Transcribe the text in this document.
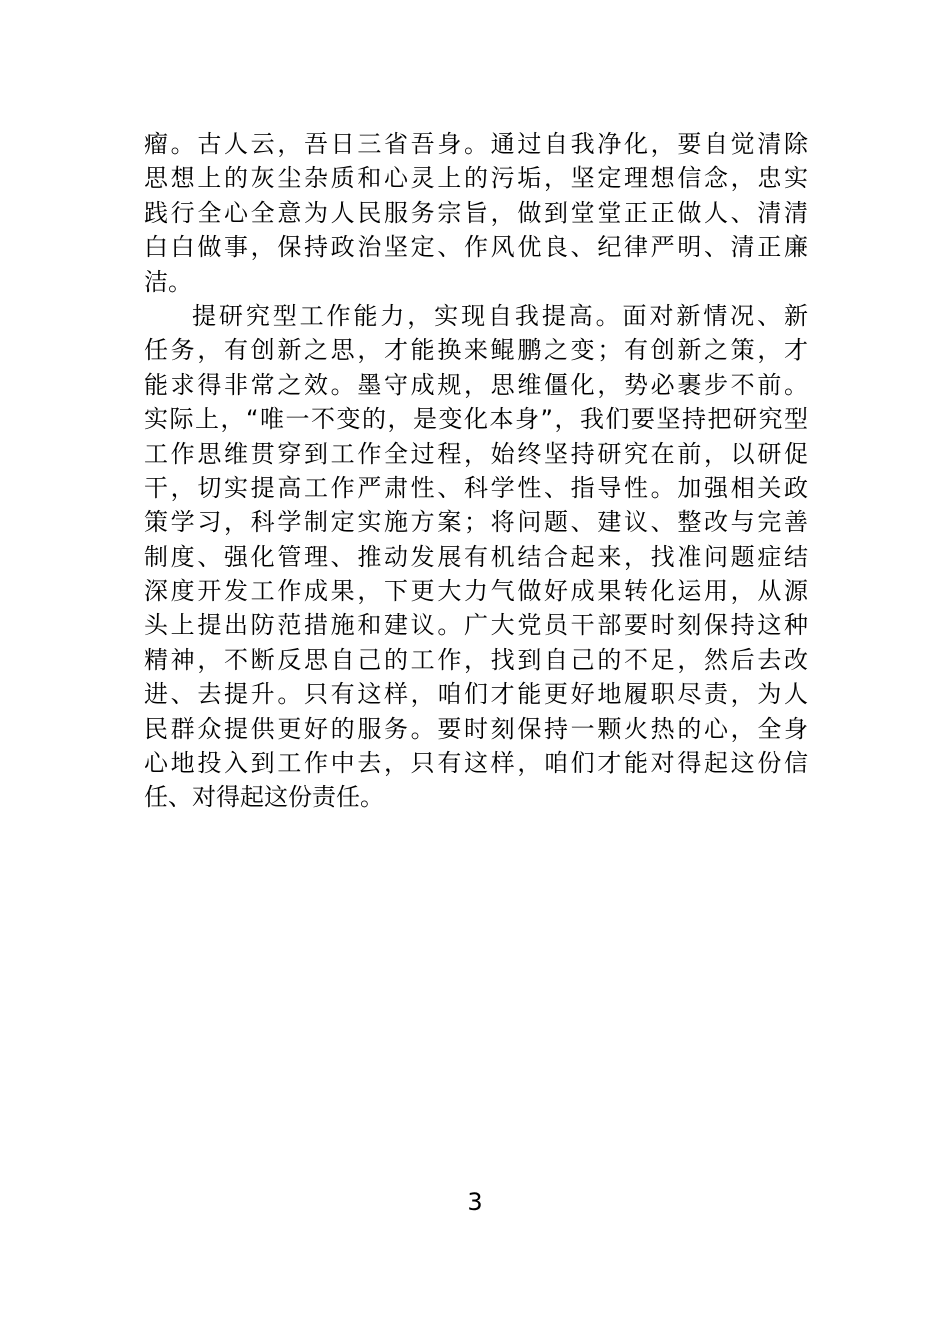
瘤。古人云，吾日三省吾身。通过自我净化，要自觉清除
思想上的灰尘杂质和心灵上的污垢，坚定理想信念，忠实
践行全心全意为人民服务宗旨，做到堂堂正正做人、清清
白白做事，保持政治坚定、作风优良、纪律严明、清正廉
洁。
提研究型工作能力，实现自我提高。面对新情况、新
任务，有创新之思，才能换来鲲鹏之变；有创新之策，才
能求得非常之效。墨守成规，思维僵化，势必裹步不前。
实际上，“唯一不变的，是变化本身”，我们要坚持把研究型
工作思维贯穿到工作全过程，始终坚持研究在前，以研促
干，切实提高工作严肃性、科学性、指导性。加强相关政
策学习，科学制定实施方案；将问题、建议、整改与完善
制度、强化管理、推动发展有机结合起来，找准问题症结
深度开发工作成果，下更大力气做好成果转化运用，从源
头上提出防范措施和建议。广大党员干部要时刻保持这种
精神，不断反思自己的工作，找到自己的不足，然后去改
进、去提升。只有这样，咱们才能更好地履职尽责，为人
民群众提供更好的服务。要时刻保持一颗火热的心，全身
心地投入到工作中去，只有这样，咱们才能对得起这份信
任、对得起这份责任。
3
